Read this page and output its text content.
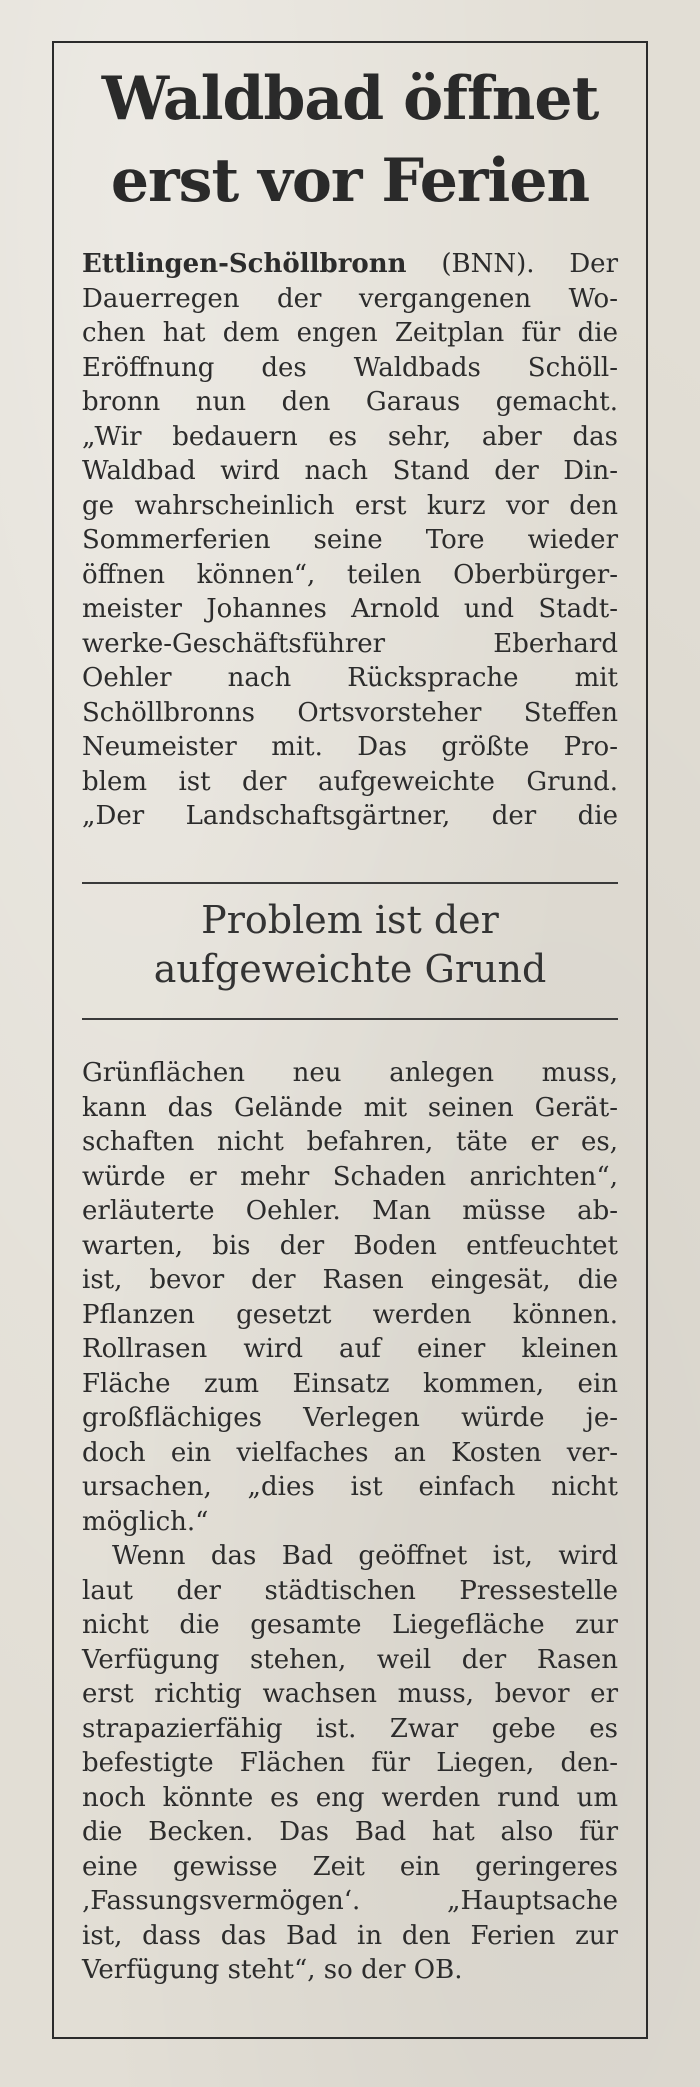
Waldbad öffnet
erst vor Ferien
Ettlingen-Schöllbronn (BNN). Der
Dauerregen der vergangenen Wo-
chen hat dem engen Zeitplan für die
Eröffnung des Waldbads Schöll-
bronn nun den Garaus gemacht.
„Wir bedauern es sehr, aber das
Waldbad wird nach Stand der Din-
ge wahrscheinlich erst kurz vor den
Sommerferien seine Tore wieder
öffnen können“, teilen Oberbürger-
meister Johannes Arnold und Stadt-
werke-Geschäftsführer Eberhard
Oehler nach Rücksprache mit
Schöllbronns Ortsvorsteher Steffen
Neumeister mit. Das größte Pro-
blem ist der aufgeweichte Grund.
„Der Landschaftsgärtner, der die
Problem ist der
aufgeweichte Grund
Grünflächen neu anlegen muss,
kann das Gelände mit seinen Gerät-
schaften nicht befahren, täte er es,
würde er mehr Schaden anrichten“,
erläuterte Oehler. Man müsse ab-
warten, bis der Boden entfeuchtet
ist, bevor der Rasen eingesät, die
Pflanzen gesetzt werden können.
Rollrasen wird auf einer kleinen
Fläche zum Einsatz kommen, ein
großflächiges Verlegen würde je-
doch ein vielfaches an Kosten ver-
ursachen, „dies ist einfach nicht
möglich.“
Wenn das Bad geöffnet ist, wird
laut der städtischen Pressestelle
nicht die gesamte Liegefläche zur
Verfügung stehen, weil der Rasen
erst richtig wachsen muss, bevor er
strapazierfähig ist. Zwar gebe es
befestigte Flächen für Liegen, den-
noch könnte es eng werden rund um
die Becken. Das Bad hat also für
eine gewisse Zeit ein geringeres
‚Fassungsvermögen‘. „Hauptsache
ist, dass das Bad in den Ferien zur
Verfügung steht“, so der OB.
